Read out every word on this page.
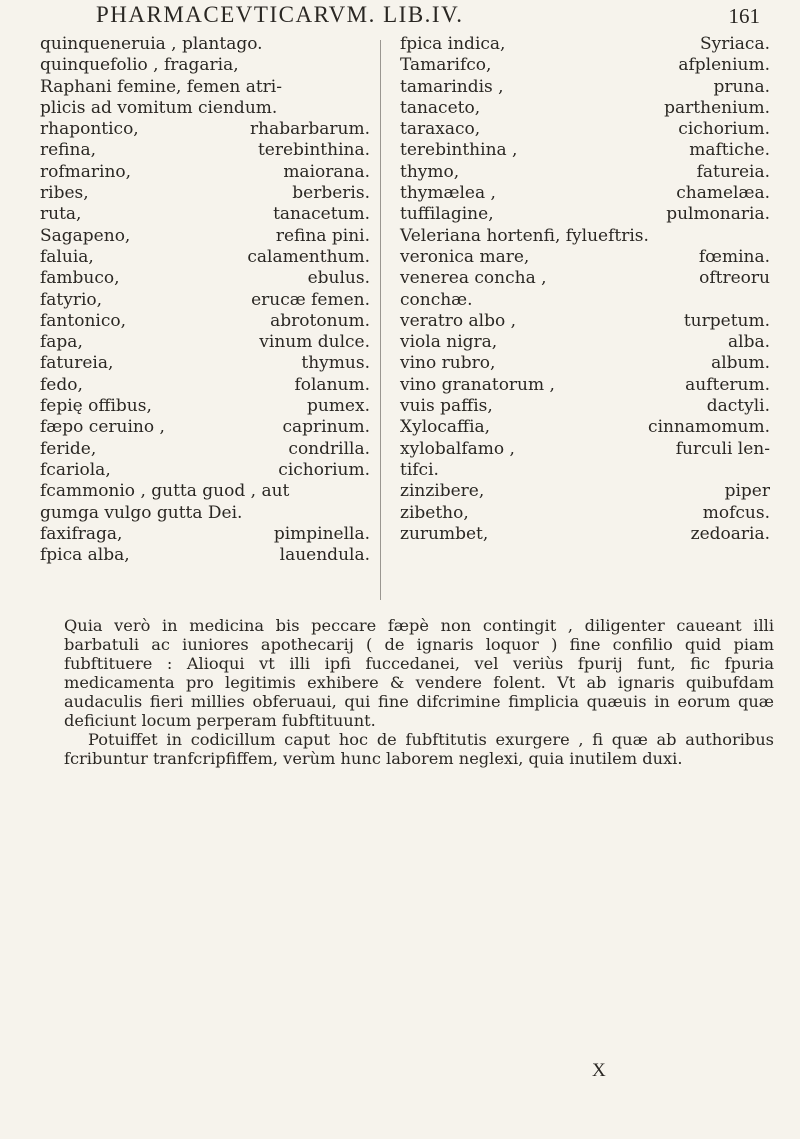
PHARMACEVTICARVM. LIB.IV.	161
quinqueneruia , plantago.
quinquefolio , fragaria,
Raphani femine, femen atri-
plicis ad vomitum ciendum.
rhapontico,	rhabarbarum.
refina,	terebinthina.
rofmarino,	maiorana.
ribes,	berberis.
ruta,	tanacetum.
Sagapeno,	refina pini.
faluia,	calamenthum.
fambuco,	ebulus.
fatyrio,	erucæ femen.
fantonico,	abrotonum.
fapa,	vinum dulce.
fatureia,	thymus.
fedo,	folanum.
fepię offibus,	pumex.
fæpo ceruino ,	caprinum.
feride,	condrilla.
fcariola,	cichorium.
fcammonio , gutta guod , aut
gumga vulgo gutta Dei.
faxifraga,	pimpinella.
fpica alba,	lauendula.
fpica indica,	Syriaca.
Tamarifco,	afplenium.
tamarindis ,	pruna.
tanaceto,	parthenium.
taraxaco,	cichorium.
terebinthina ,	maftiche.
thymo,	fatureia.
thymælea ,	chamelæa.
tuffilagine,	pulmonaria.
Veleriana hortenfi, fylueftris.
veronica mare,	fœmina.
venerea concha ,	oftreoru
conchæ.
veratro albo ,	turpetum.
viola nigra,	alba.
vino rubro,	album.
vino granatorum ,	aufterum.
vuis paffis,	dactyli.
Xylocaffia,	cinnamomum.
xylobalfamo ,	furculi len-
tifci.
zinzibere,	piper
zibetho,	mofcus.
zurumbet,	zedoaria.

Quia verò in medicina bis peccare fæpè non contingit , diligenter caueant illi barbatuli ac iuniores apothecarij ( de ignaris loquor ) fine confilio quid piam fubftituere : Alioqui vt illi ipfi fuccedanei, vel veriùs fpurij funt, fic fpuria medicamenta pro legitimis exhibere & vendere folent. Vt ab ignaris quibufdam audaculis fieri millies obferuaui, qui fine difcrimine fimplicia quæuis in eorum quæ deficiunt locum perperam fubftituunt.

Potuiffet in codicillum caput hoc de fubftitutis exurgere , fi quæ ab authoribus fcribuntur tranfcripfiffem, verùm hunc laborem neglexi, quia inutilem duxi.

X
